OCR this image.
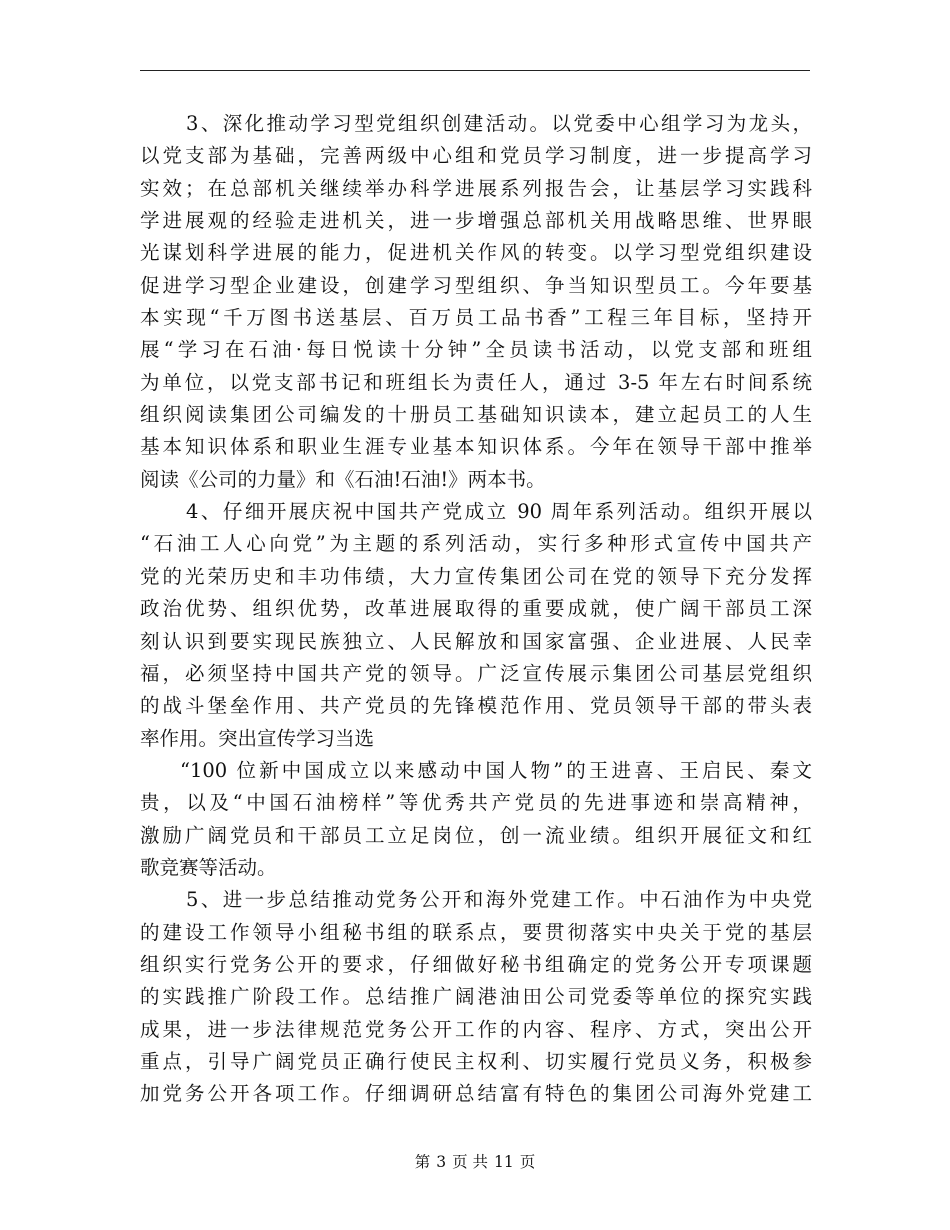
3、深化推动学习型党组织创建活动。以党委中心组学习为龙头，
以党支部为基础，完善两级中心组和党员学习制度，进一步提高学习
实效；在总部机关继续举办科学进展系列报告会，让基层学习实践科
学进展观的经验走进机关，进一步增强总部机关用战略思维、世界眼
光谋划科学进展的能力，促进机关作风的转变。以学习型党组织建设
促进学习型企业建设，创建学习型组织、争当知识型员工。今年要基
本实现“千万图书送基层、百万员工品书香”工程三年目标，坚持开
展“学习在石油·每日悦读十分钟”全员读书活动，以党支部和班组
为单位，以党支部书记和班组长为责任人，通过 3-5 年左右时间系统
组织阅读集团公司编发的十册员工基础知识读本，建立起员工的人生
基本知识体系和职业生涯专业基本知识体系。今年在领导干部中推举
阅读《公司的力量》和《石油!石油!》两本书。
4、仔细开展庆祝中国共产党成立 90 周年系列活动。组织开展以
“石油工人心向党”为主题的系列活动，实行多种形式宣传中国共产
党的光荣历史和丰功伟绩，大力宣传集团公司在党的领导下充分发挥
政治优势、组织优势，改革进展取得的重要成就，使广阔干部员工深
刻认识到要实现民族独立、人民解放和国家富强、企业进展、人民幸
福，必须坚持中国共产党的领导。广泛宣传展示集团公司基层党组织
的战斗堡垒作用、共产党员的先锋模范作用、党员领导干部的带头表
率作用。突出宣传学习当选
“100 位新中国成立以来感动中国人物”的王进喜、王启民、秦文
贵，以及“中国石油榜样”等优秀共产党员的先进事迹和崇高精神，
激励广阔党员和干部员工立足岗位，创一流业绩。组织开展征文和红
歌竞赛等活动。
5、进一步总结推动党务公开和海外党建工作。中石油作为中央党
的建设工作领导小组秘书组的联系点，要贯彻落实中央关于党的基层
组织实行党务公开的要求，仔细做好秘书组确定的党务公开专项课题
的实践推广阶段工作。总结推广阔港油田公司党委等单位的探究实践
成果，进一步法律规范党务公开工作的内容、程序、方式，突出公开
重点，引导广阔党员正确行使民主权利、切实履行党员义务，积极参
加党务公开各项工作。仔细调研总结富有特色的集团公司海外党建工
第 3 页 共 11 页
